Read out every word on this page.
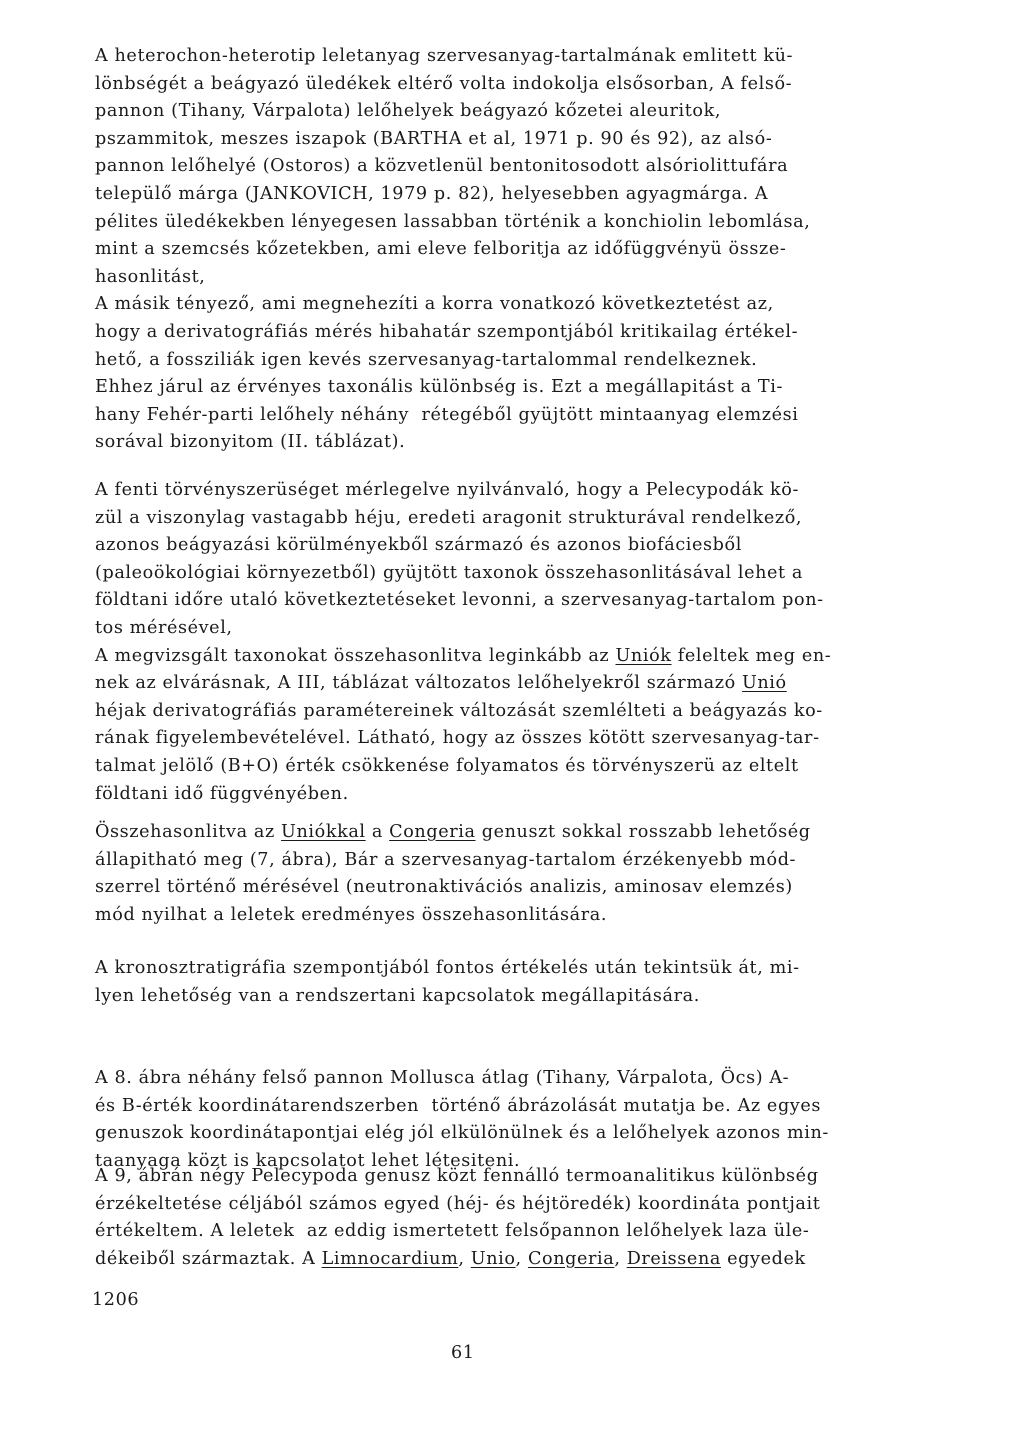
A heterochon-heterotip leletanyag szervesanyag-tartalmának emlitett kü-
lönbségét a beágyazó üledékek eltérő volta indokolja elsősorban, A felső-
pannon (Tihany, Várpalota) lelőhelyek beágyazó kőzetei aleuritok,
pszammitok, meszes iszapok (BARTHA et al, 1971 p. 90 és 92), az alsó-
pannon lelőhelyé (Ostoros) a közvetlenül bentonitosodott alsóriolittufára
települő márga (JANKOVICH, 1979 p. 82), helyesebben agyagmárga. A
pélites üledékekben lényegesen lassabban történik a konchiolin lebomlása,
mint a szemcsés kőzetekben, ami eleve felboritja az időfüggvényü össze-
hasonlitást,
A másik tényező, ami megnehezíti a korra vonatkozó következtetést az,
hogy a derivatográfiás mérés hibahatár szempontjából kritikailag értékel-
hető, a fossziliák igen kevés szervesanyag-tartalommal rendelkeznek.
Ehhez járul az érvényes taxonális különbség is. Ezt a megállapitást a Ti-
hany Fehér-parti lelőhely néhány  rétegéből gyüjtött mintaanyag elemzési
sorával bizonyitom (II. táblázat).
A fenti törvényszerüséget mérlegelve nyilvánvaló, hogy a Pelecypodák kö-
zül a viszonylag vastagabb héju, eredeti aragonit strukturával rendelkező,
azonos beágyazási körülményekből származó és azonos biofáciesből
(paleoökológiai környezetből) gyüjtött taxonok összehasonlitásával lehet a
földtani időre utaló következtetéseket levonni, a szervesanyag-tartalom pon-
tos mérésével,
A megvizsgált taxonokat összehasonlitva leginkább az Uniók feleltek meg en-
nek az elvárásnak, A III, táblázat változatos lelőhelyekről származó Unió
héjak derivatográfiás paramétereinek változását szemlélteti a beágyazás ko-
rának figyelembevételével. Látható, hogy az összes kötött szervesanyag-tar-
talmat jelölő (B+O) érték csökkenése folyamatos és törvényszerü az eltelt
földtani idő függvényében.
Összehasonlitva az Uniókkal a Congeria genuszt sokkal rosszabb lehetőség
állapitható meg (7, ábra), Bár a szervesanyag-tartalom érzékenyebb mód-
szerrel történő mérésével (neutronaktivációs analizis, aminosav elemzés)
mód nyilhat a leletek eredményes összehasonlitására.
A kronosztratigráfia szempontjából fontos értékelés után tekintsük át, mi-
lyen lehetőség van a rendszertani kapcsolatok megállapitására.
A 8. ábra néhány felső pannon Mollusca átlag (Tihany, Várpalota, Öcs) A-
és B-érték koordinátarendszerben  történő ábrázolását mutatja be. Az egyes
genuszok koordinátapontjai elég jól elkülönülnek és a lelőhelyek azonos min-
taanyaga közt is kapcsolatot lehet létesiteni.
A 9, ábrán négy Pelecypoda genusz közt fennálló termoanalitikus különbség
érzékeltetése céljából számos egyed (héj- és héjtöredék) koordináta pontjait
értékeltem. A leletek  az eddig ismertetett felsőpannon lelőhelyek laza üle-
dékeiből származtak. A Limnocardium, Unio, Congeria, Dreissena egyedek
1206
61
